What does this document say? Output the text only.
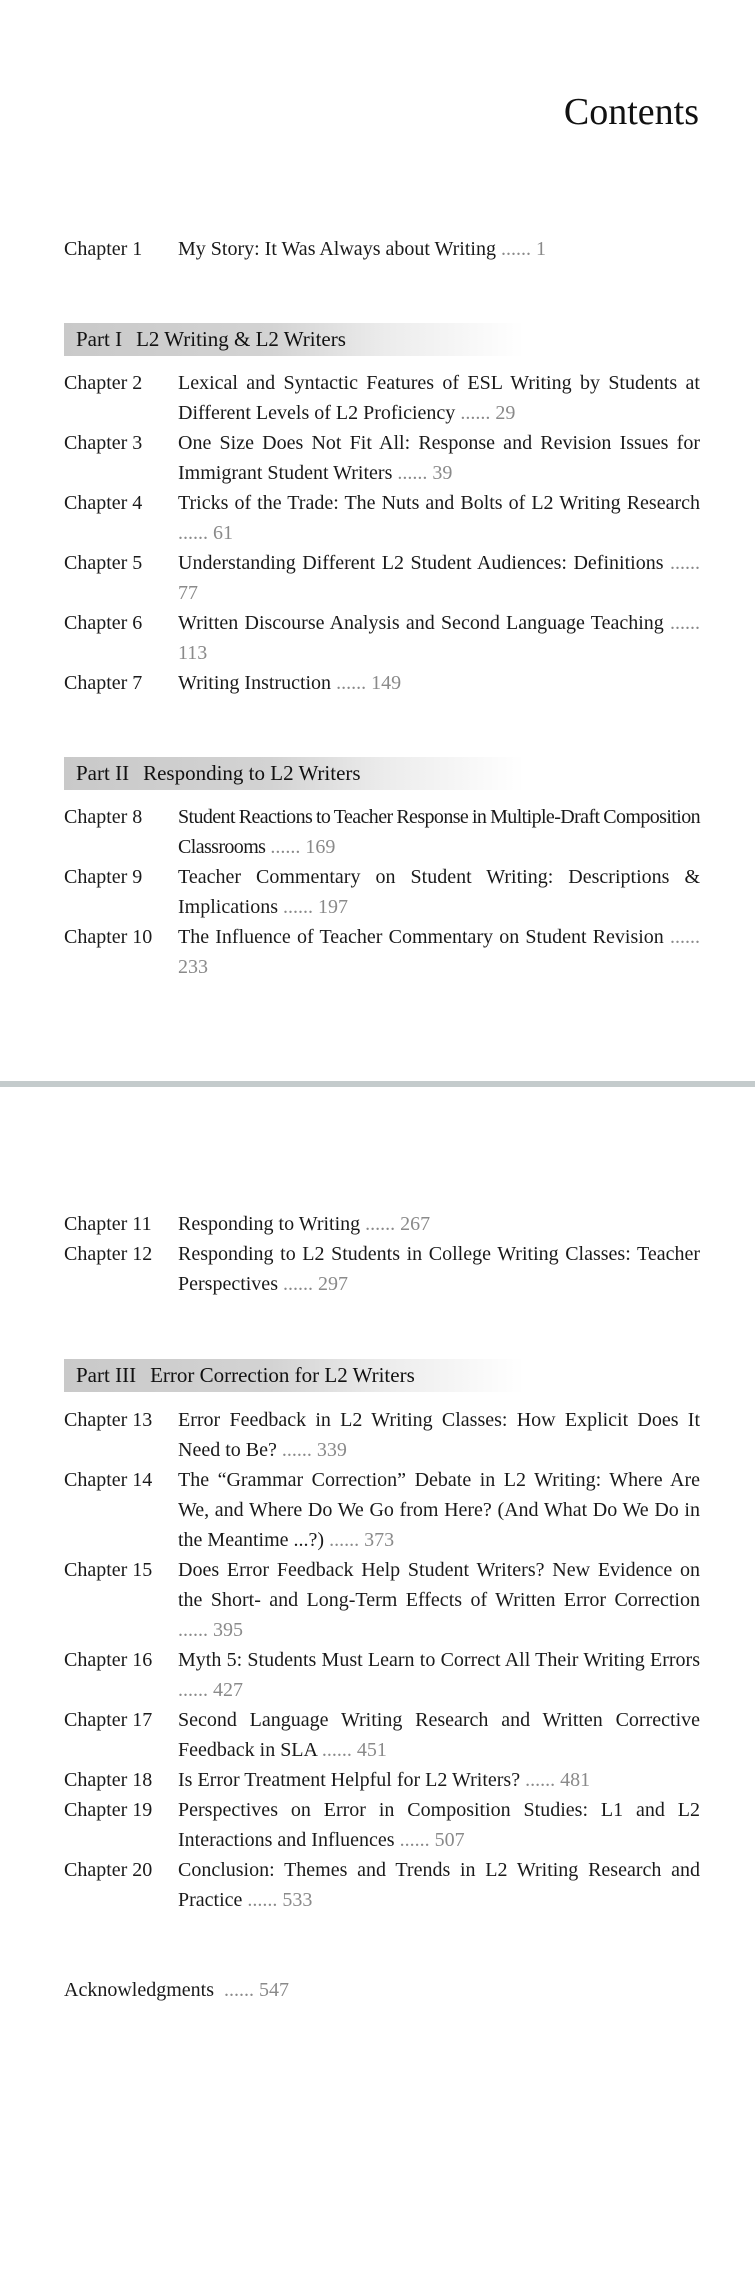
Contents
Chapter 1	My Story: It Was Always about Writing ...... 1
Part I L2 Writing & L2 Writers
Chapter 2	Lexical and Syntactic Features of ESL Writing by Students at Different Levels of L2 Proficiency ...... 29
Chapter 3	One Size Does Not Fit All: Response and Revision Issues for Immigrant Student Writers ...... 39
Chapter 4	Tricks of the Trade: The Nuts and Bolts of L2 Writing Research ...... 61
Chapter 5	Understanding Different L2 Student Audiences: Definitions ...... 77
Chapter 6	Written Discourse Analysis and Second Language Teaching ...... 113
Chapter 7	Writing Instruction ...... 149
Part II Responding to L2 Writers
Chapter 8	Student Reactions to Teacher Response in Multiple-Draft Composition Classrooms ...... 169
Chapter 9	Teacher Commentary on Student Writing: Descriptions & Implications ...... 197
Chapter 10	The Influence of Teacher Commentary on Student Revision ...... 233
Chapter 11	Responding to Writing ...... 267
Chapter 12	Responding to L2 Students in College Writing Classes: Teacher Perspectives ...... 297
Part III Error Correction for L2 Writers
Chapter 13	Error Feedback in L2 Writing Classes: How Explicit Does It Need to Be? ...... 339
Chapter 14	The “Grammar Correction” Debate in L2 Writing: Where Are We, and Where Do We Go from Here? (And What Do We Do in the Meantime ...?) ...... 373
Chapter 15	Does Error Feedback Help Student Writers? New Evidence on the Short- and Long-Term Effects of Written Error Correction ...... 395
Chapter 16	Myth 5: Students Must Learn to Correct All Their Writing Errors ...... 427
Chapter 17	Second Language Writing Research and Written Corrective Feedback in SLA ...... 451
Chapter 18	Is Error Treatment Helpful for L2 Writers? ...... 481
Chapter 19	Perspectives on Error in Composition Studies: L1 and L2 Interactions and Influences ...... 507
Chapter 20	Conclusion: Themes and Trends in L2 Writing Research and Practice ...... 533
Acknowledgments ...... 547
